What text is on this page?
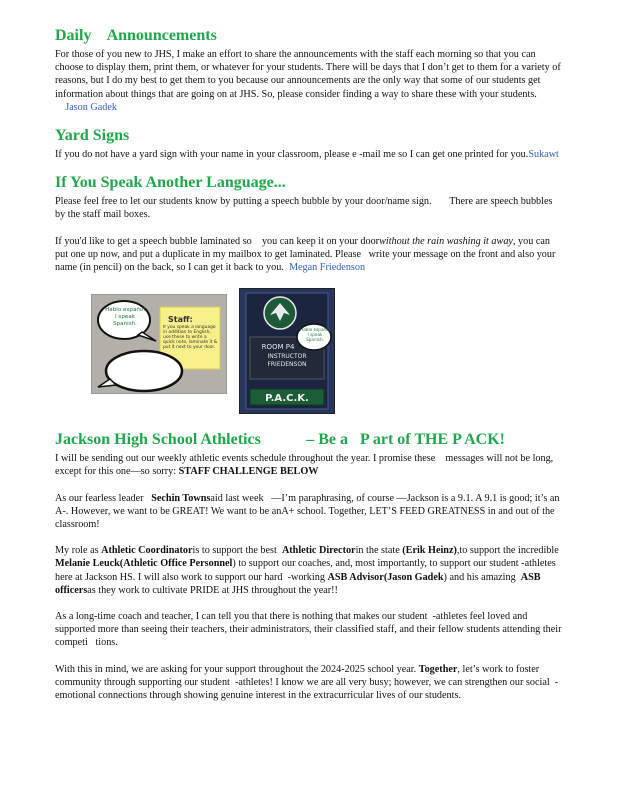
Daily    Announcements

For those of you new to JHS, I make an effort to share the announcements with the staff each morning so that you can choose to display them, print them, or whatever for your students. There will be days that I don’t get to them for a variety of reasons, but I do my best to get them to you because our announcements are the only way that some of our students get information about things that are going on at JHS. So, please consider finding a way to share these with your students.     Jason Gadek

Yard Signs

If you do not have a yard sign with your name in your classroom, please e -mail me so I can get one printed for you.Sukawt

If You Speak Another Language...

Please feel free to let our students know by putting a speech bubble by your door/name sign.       There are speech bubbles by the staff mail boxes.

If you'd like to get a speech bubble laminated so    you can keep it on your doorwithout the rain washing it away, you can put one up now, and put a duplicate in my mailbox to get laminated. Please   write your message on the front and also your name (in pencil) on the back, so I can get it back to you. Megan Friedenson

Staff:
If you speak a language in addition to English, use these to write a quick note, laminate it & put it next to your door.
Hablo español I speak Spanish.
ROOM P4
INSTRUCTOR FRIEDENSON
Hablo español I speak Spanish.
P.A.C.K.
Jackson High School Athletics	– Be a   P art of THE P ACK!

I will be sending out our weekly athletic events schedule throughout the year. I promise these    messages will not be long, except for this one—so sorry: STAFF CHALLENGE BELOW

As our fearless leader   Sechin Townsaid last week   —I’m paraphrasing, of course —Jackson is a 9.1. A 9.1 is good; it’s an A-. However, we want to be GREAT! We want to be anA+ school. Together, LET’S FEED GREATNESS in and out of the classroom!

My role as Athletic Coordinatoris to support the best  Athletic Directorin the state (Erik Heinz),to support the incredible   Melanie Leuck(Athletic Office Personnel) to support our coaches, and, most importantly, to support our student -athletes here at Jackson HS. I will also work to support our hard  -working ASB Advisor(Jason Gadek) and his amazing  ASB officersas they work to cultivate PRIDE at JHS throughout the year!!

As a long-time coach and teacher, I can tell you that there is nothing that makes our student  -athletes feel loved and supported more than seeing their teachers, their administrators, their classified staff, and their fellow students attending their competi   tions.

With this in mind, we are asking for your support throughout the 2024-2025 school year. Together, let’s work to foster community through supporting our student  -athletes! I know we are all very busy; however, we can strengthen our social  -emotional connections through showing genuine interest in the extracurricular lives of our students.
